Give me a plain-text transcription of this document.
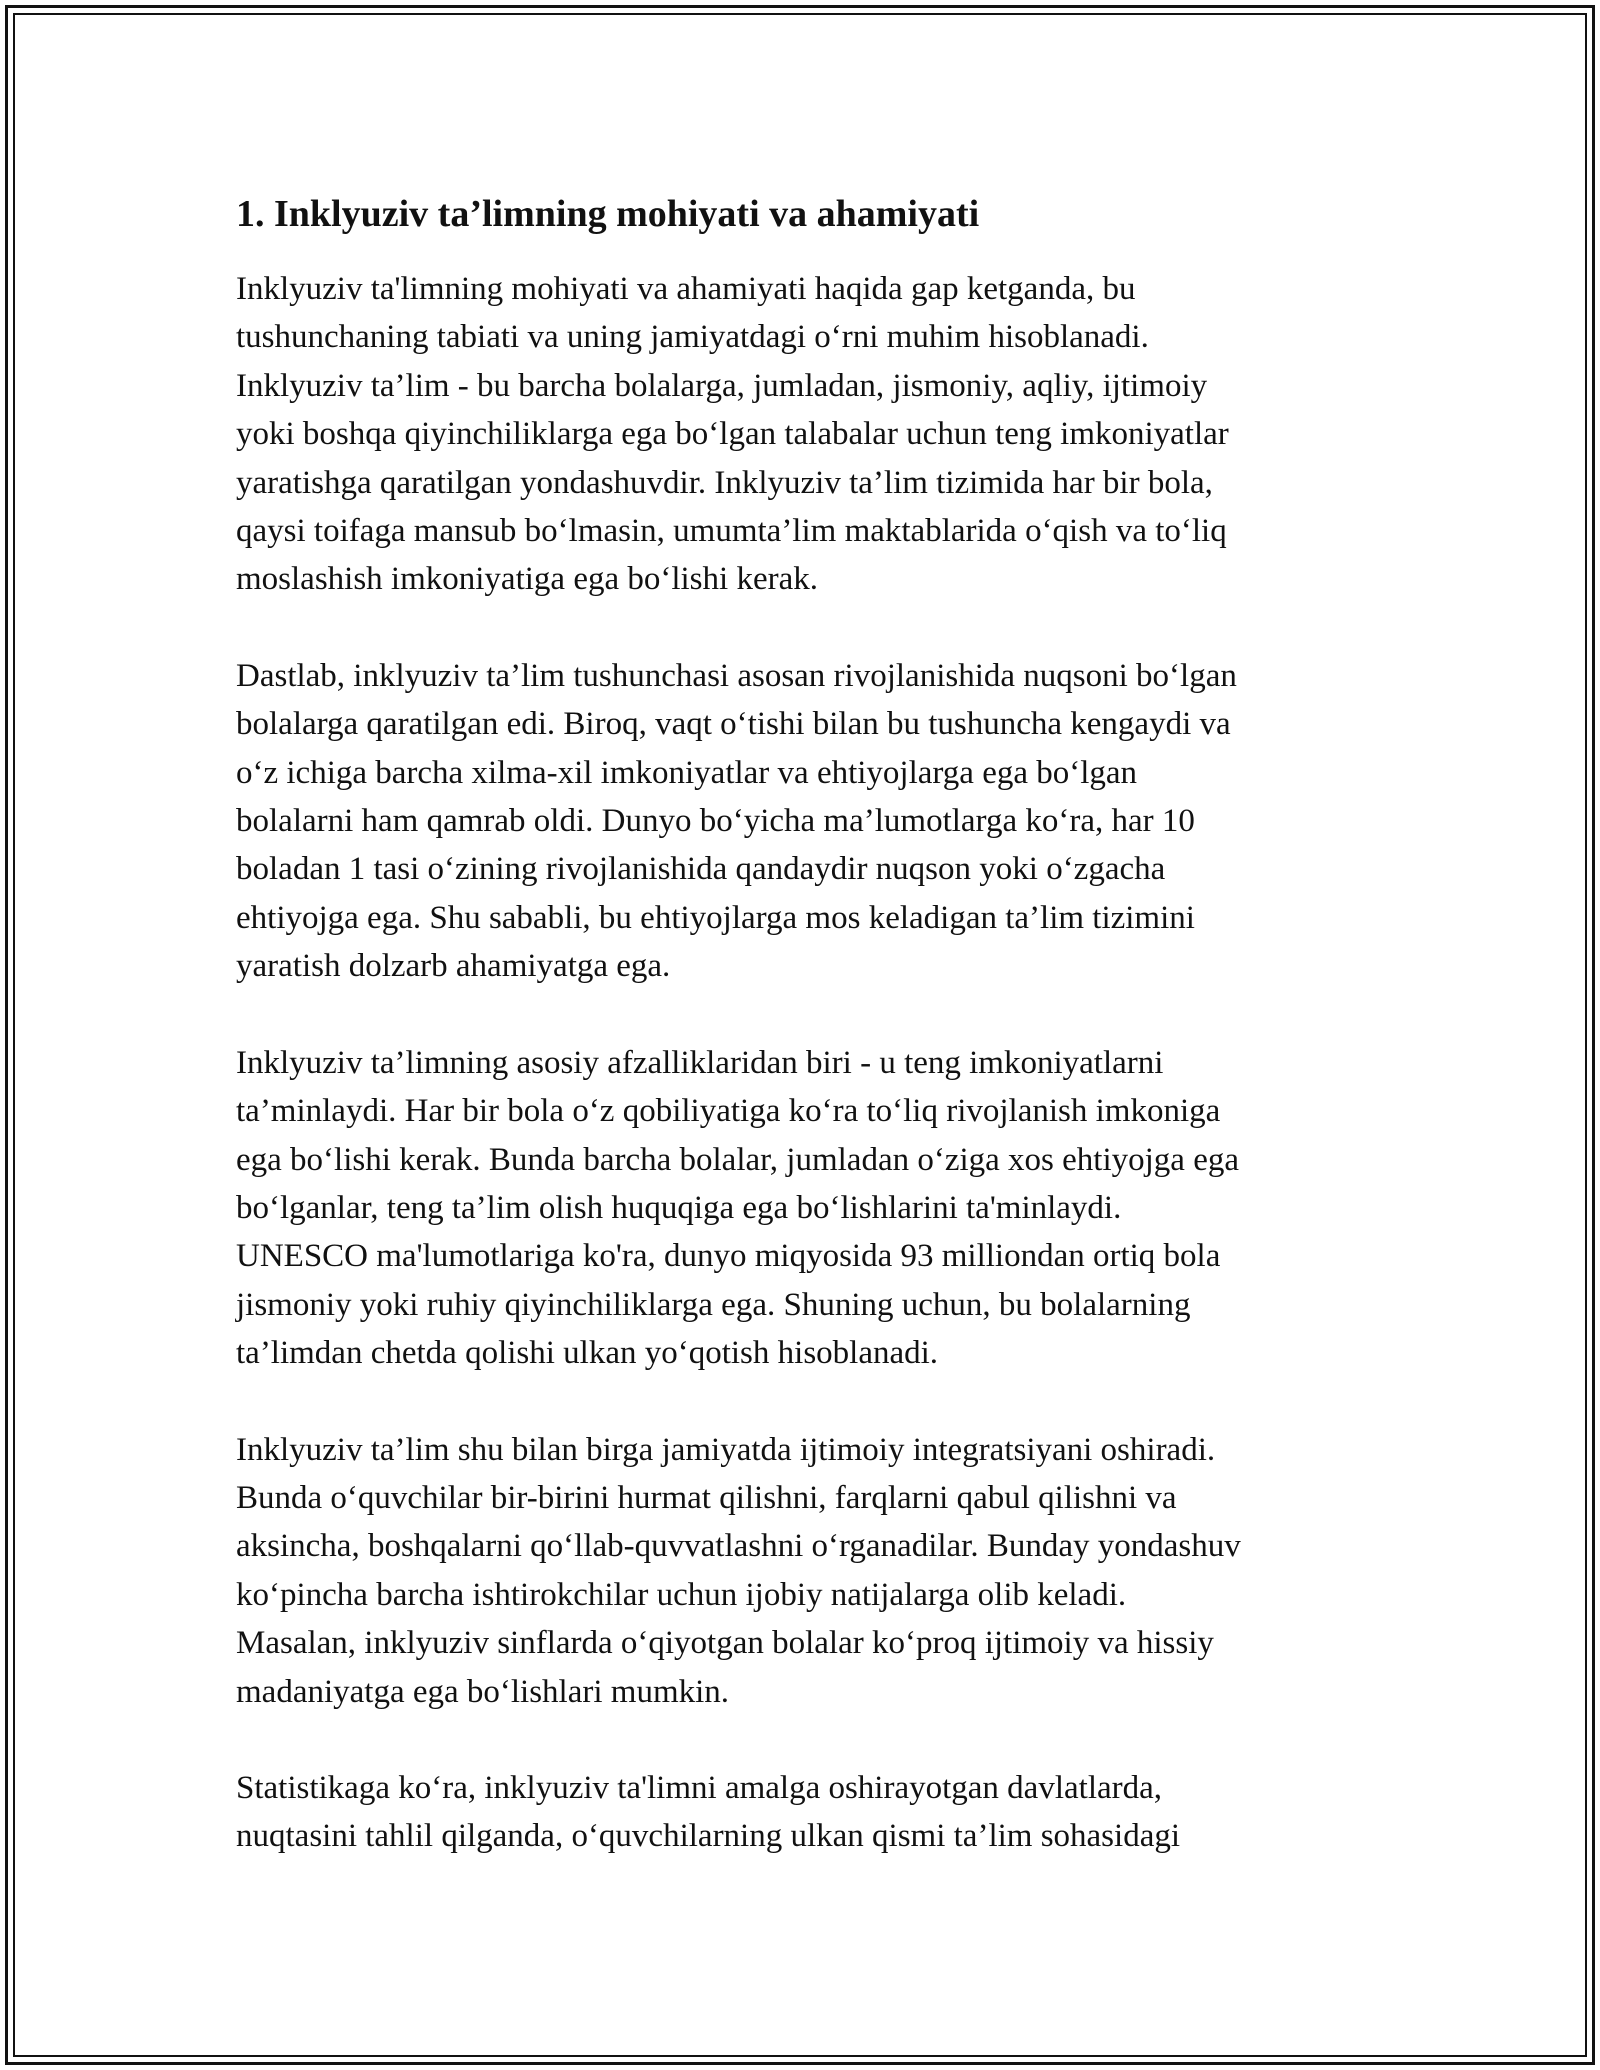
1. Inklyuziv ta’limning mohiyati va ahamiyati
Inklyuziv ta'limning mohiyati va ahamiyati haqida gap ketganda, bu
tushunchaning tabiati va uning jamiyatdagi o‘rni muhim hisoblanadi.
Inklyuziv ta’lim - bu barcha bolalarga, jumladan, jismoniy, aqliy, ijtimoiy
yoki boshqa qiyinchiliklarga ega bo‘lgan talabalar uchun teng imkoniyatlar
yaratishga qaratilgan yondashuvdir. Inklyuziv ta’lim tizimida har bir bola,
qaysi toifaga mansub bo‘lmasin, umumta’lim maktablarida o‘qish va to‘liq
moslashish imkoniyatiga ega bo‘lishi kerak.
Dastlab, inklyuziv ta’lim tushunchasi asosan rivojlanishida nuqsoni bo‘lgan
bolalarga qaratilgan edi. Biroq, vaqt o‘tishi bilan bu tushuncha kengaydi va
o‘z ichiga barcha xilma-xil imkoniyatlar va ehtiyojlarga ega bo‘lgan
bolalarni ham qamrab oldi. Dunyo bo‘yicha ma’lumotlarga ko‘ra, har 10
boladan 1 tasi o‘zining rivojlanishida qandaydir nuqson yoki o‘zgacha
ehtiyojga ega. Shu sababli, bu ehtiyojlarga mos keladigan ta’lim tizimini
yaratish dolzarb ahamiyatga ega.
Inklyuziv ta’limning asosiy afzalliklaridan biri - u teng imkoniyatlarni
ta’minlaydi. Har bir bola o‘z qobiliyatiga ko‘ra to‘liq rivojlanish imkoniga
ega bo‘lishi kerak. Bunda barcha bolalar, jumladan o‘ziga xos ehtiyojga ega
bo‘lganlar, teng ta’lim olish huquqiga ega bo‘lishlarini ta'minlaydi.
UNESCO ma'lumotlariga ko'ra, dunyo miqyosida 93 milliondan ortiq bola
jismoniy yoki ruhiy qiyinchiliklarga ega. Shuning uchun, bu bolalarning
ta’limdan chetda qolishi ulkan yo‘qotish hisoblanadi.
Inklyuziv ta’lim shu bilan birga jamiyatda ijtimoiy integratsiyani oshiradi.
Bunda o‘quvchilar bir-birini hurmat qilishni, farqlarni qabul qilishni va
aksincha, boshqalarni qo‘llab-quvvatlashni o‘rganadilar. Bunday yondashuv
ko‘pincha barcha ishtirokchilar uchun ijobiy natijalarga olib keladi.
Masalan, inklyuziv sinflarda o‘qiyotgan bolalar ko‘proq ijtimoiy va hissiy
madaniyatga ega bo‘lishlari mumkin.
Statistikaga ko‘ra, inklyuziv ta'limni amalga oshirayotgan davlatlarda,
nuqtasini tahlil qilganda, o‘quvchilarning ulkan qismi ta’lim sohasidagi
